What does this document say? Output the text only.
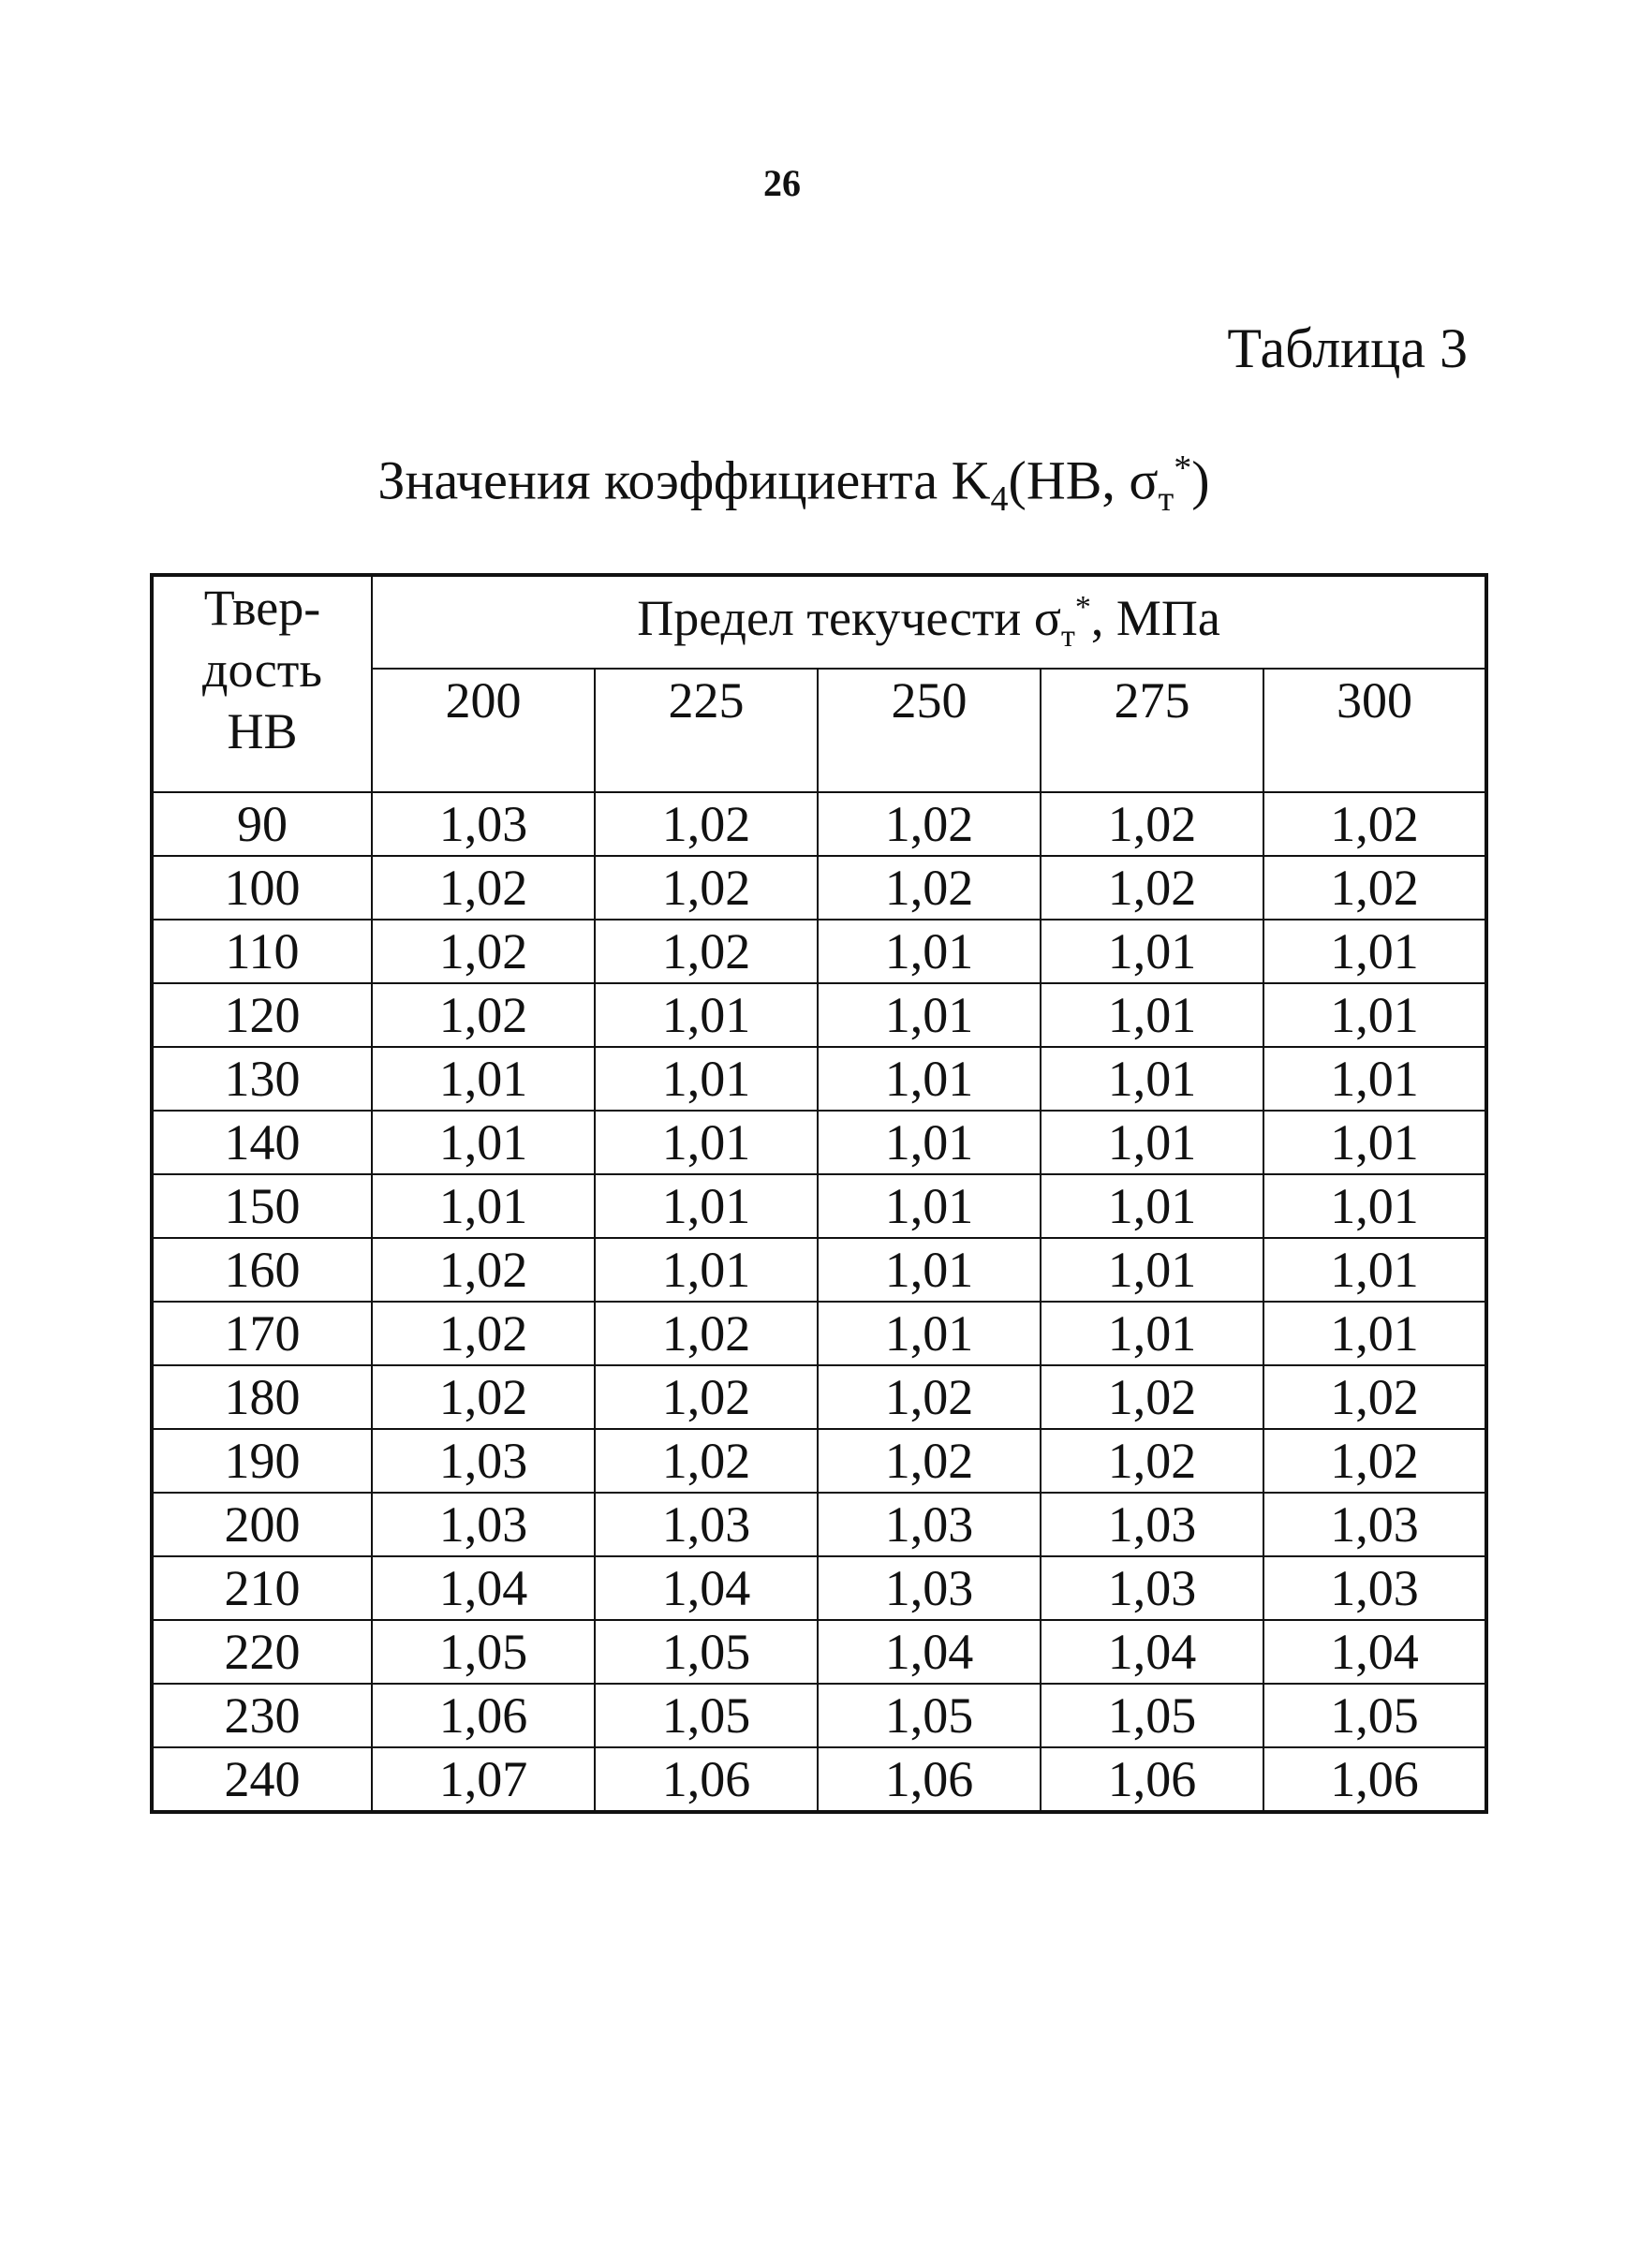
26
Таблица 3
Значения коэффициента $K_4(HB$, $\sigma_т^*$)
Твер-
дость
HB	Предел текучести $\sigma_т^*$, МПа				
	200	225	250	275	300
90	1,03	1,02	1,02	1,02	1,02
100	1,02	1,02	1,02	1,02	1,02
110	1,02	1,02	1,01	1,01	1,01
120	1,02	1,01	1,01	1,01	1,01
130	1,01	1,01	1,01	1,01	1,01
140	1,01	1,01	1,01	1,01	1,01
150	1,01	1,01	1,01	1,01	1,01
160	1,02	1,01	1,01	1,01	1,01
170	1,02	1,02	1,01	1,01	1,01
180	1,02	1,02	1,02	1,02	1,02
190	1,03	1,02	1,02	1,02	1,02
200	1,03	1,03	1,03	1,03	1,03
210	1,04	1,04	1,03	1,03	1,03
220	1,05	1,05	1,04	1,04	1,04
230	1,06	1,05	1,05	1,05	1,05
240	1,07	1,06	1,06	1,06	1,06
